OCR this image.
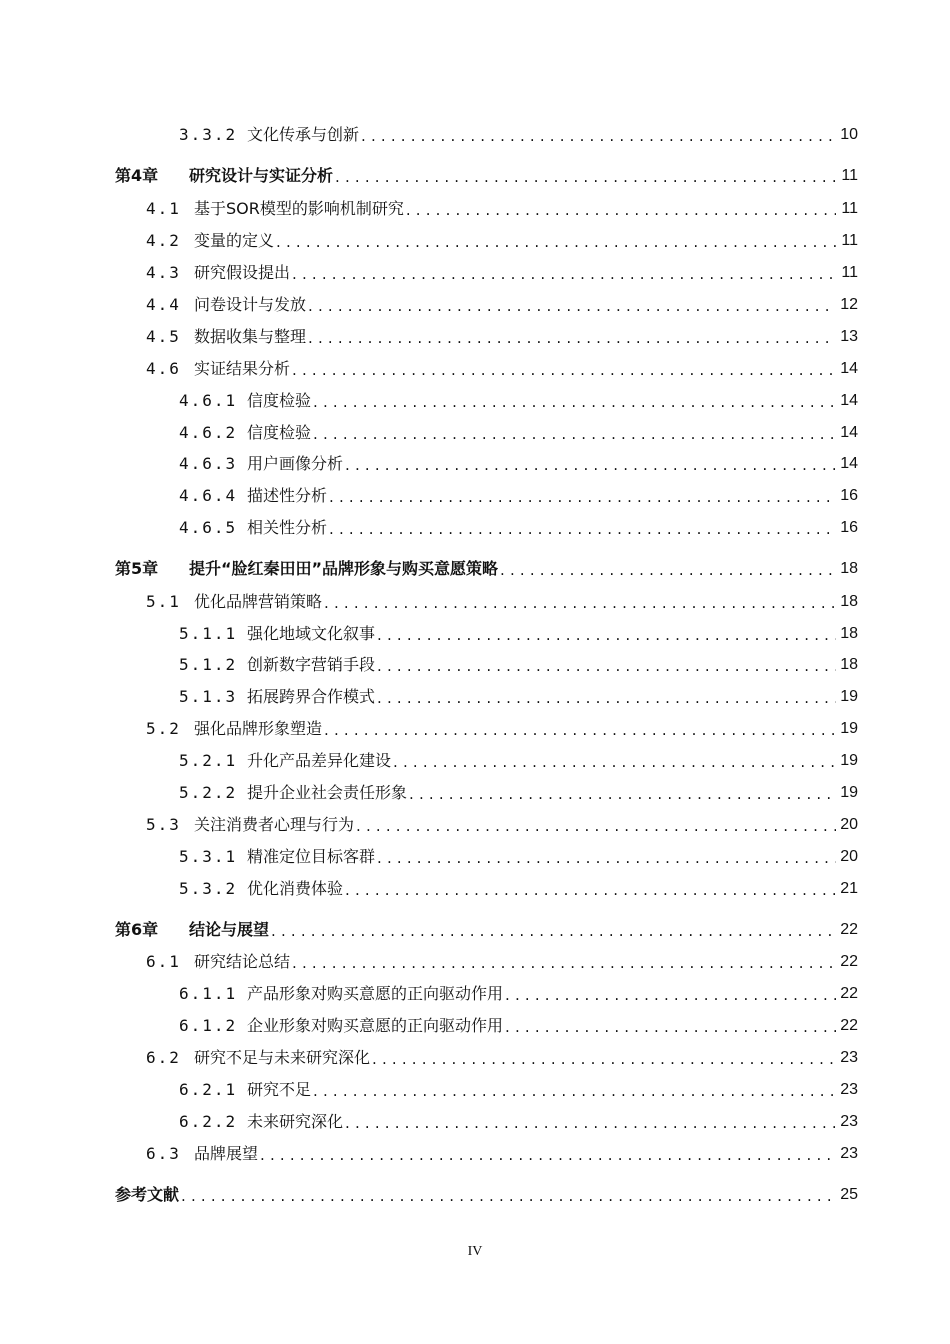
3.3.2 文化传承与创新 . . .	10
第4章	研究设计与实证分析 . . .	11
4.1 基于SOR模型的影响机制研究 . . .	11
4.2 变量的定义 . . .	11
4.3 研究假设提出 . . .	11
4.4 问卷设计与发放 . . .	12
4.5 数据收集与整理 . . .	13
4.6 实证结果分析 . . .	14
4.6.1 信度检验 . . .	14
4.6.2 信度检验 . . .	14
4.6.3 用户画像分析 . . .	14
4.6.4 描述性分析 . . .	16
4.6.5 相关性分析 . . .	16
第5章	提升“脸红秦田田”品牌形象与购买意愿策略 . . .	18
5.1 优化品牌营销策略 . . .	18
5.1.1 强化地域文化叙事 . . .	18
5.1.2 创新数字营销手段 . . .	18
5.1.3 拓展跨界合作模式 . . .	19
5.2 强化品牌形象塑造 . . .	19
5.2.1 升化产品差异化建设 . . .	19
5.2.2 提升企业社会责任形象 . . .	19
5.3 关注消费者心理与行为 . . .	20
5.3.1 精准定位目标客群 . . .	20
5.3.2 优化消费体验 . . .	21
第6章	结论与展望 . . .	22
6.1 研究结论总结 . . .	22
6.1.1 产品形象对购买意愿的正向驱动作用 . . .	22
6.1.2 企业形象对购买意愿的正向驱动作用 . . .	22
6.2 研究不足与未来研究深化 . . .	23
6.2.1 研究不足 . . .	23
6.2.2 未来研究深化 . . .	23
6.3 品牌展望 . . .	23
参考文献 . . .	25
IV
